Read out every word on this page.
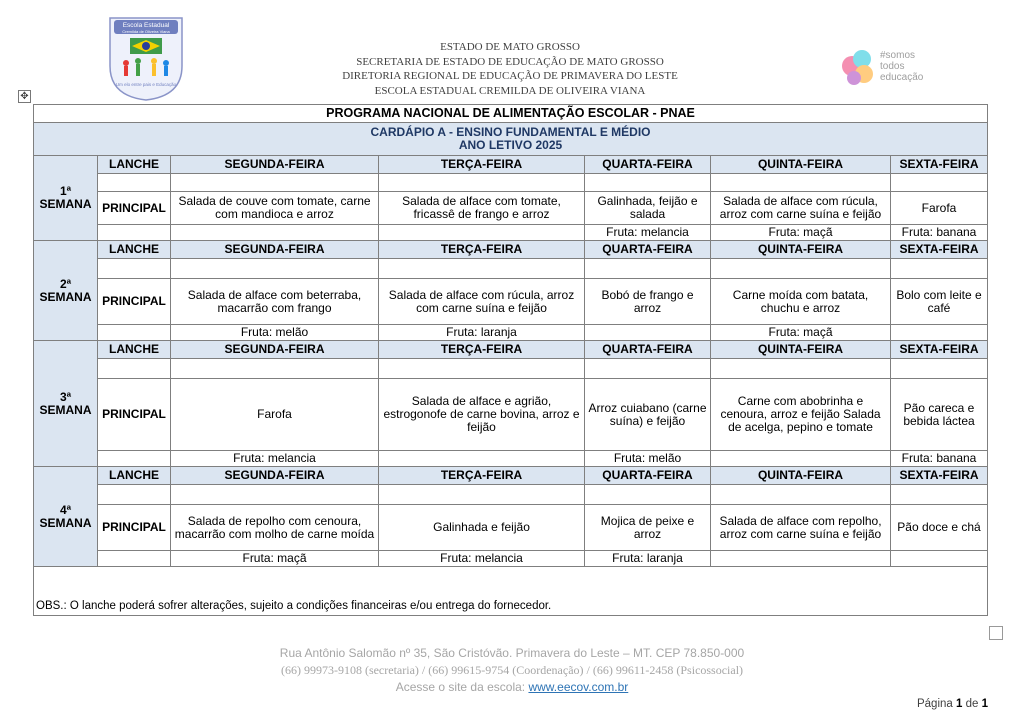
Escola Estadual
Cremilda de Oliveira Viana
Um elo entre pais e Educação
ESTADO DE MATO GROSSO
SECRETARIA DE ESTADO DE EDUCAÇÃO DE MATO GROSSO
DIRETORIA REGIONAL DE EDUCAÇÃO DE PRIMAVERA DO LESTE
ESCOLA ESTADUAL CREMILDA DE OLIVEIRA VIANA
#somos
todos
educação
✥
PROGRAMA NACIONAL DE ALIMENTAÇÃO ESCOLAR - PNAE						

CARDÁPIO A - ENSINO FUNDAMENTAL E MÉDIO
ANO LETIVO 2025						

1ª
SEMANA	LANCHE	SEGUNDA-FEIRA	TERÇA-FEIRA	QUARTA-FEIRA	QUINTA-FEIRA	SEXTA-FEIRA

	PRINCIPAL	Salada de couve com tomate, carne com mandioca e arroz	Salada de alface com tomate, fricassê de frango e arroz	Galinhada, feijão e salada	Salada de alface com rúcula, arroz com carne suína e feijão	Farofa
				Fruta: melancia	Fruta: maçã	Fruta: banana

2ª
SEMANA	LANCHE	SEGUNDA-FEIRA	TERÇA-FEIRA	QUARTA-FEIRA	QUINTA-FEIRA	SEXTA-FEIRA

	PRINCIPAL	Salada de alface com beterraba, macarrão com frango	Salada de alface com rúcula, arroz com carne suína e feijão	Bobó de frango e arroz	Carne moída com batata, chuchu e arroz	Bolo com leite e café
		Fruta: melão	Fruta: laranja		Fruta: maçã	

3ª
SEMANA	LANCHE	SEGUNDA-FEIRA	TERÇA-FEIRA	QUARTA-FEIRA	QUINTA-FEIRA	SEXTA-FEIRA

	PRINCIPAL	Farofa	Salada de alface e agrião, estrogonofe de carne bovina, arroz e feijão	Arroz cuiabano (carne suína) e feijão	Carne com abobrinha e cenoura, arroz e feijão Salada de acelga, pepino e tomate	Pão careca e bebida láctea
		Fruta: melancia		Fruta: melão		Fruta: banana

4ª
SEMANA	LANCHE	SEGUNDA-FEIRA	TERÇA-FEIRA	QUARTA-FEIRA	QUINTA-FEIRA	SEXTA-FEIRA

	PRINCIPAL	Salada de repolho com cenoura, macarrão com molho de carne moída	Galinhada e feijão	Mojica de peixe e arroz	Salada de alface com repolho, arroz com carne suína e feijão	Pão doce e chá
		Fruta: maçã	Fruta: melancia	Fruta: laranja		
OBS.: O lanche poderá sofrer alterações, sujeito a condições financeiras e/ou entrega do fornecedor.						
Rua Antônio Salomão nº 35, São Cristóvão. Primavera do Leste – MT. CEP 78.850-000
(66) 99973-9108 (secretaria) / (66) 99615-9754 (Coordenação) / (66) 99611-2458 (Psicossocial)
Acesse o site da escola: www.eecov.com.br
Página 1 de 1
